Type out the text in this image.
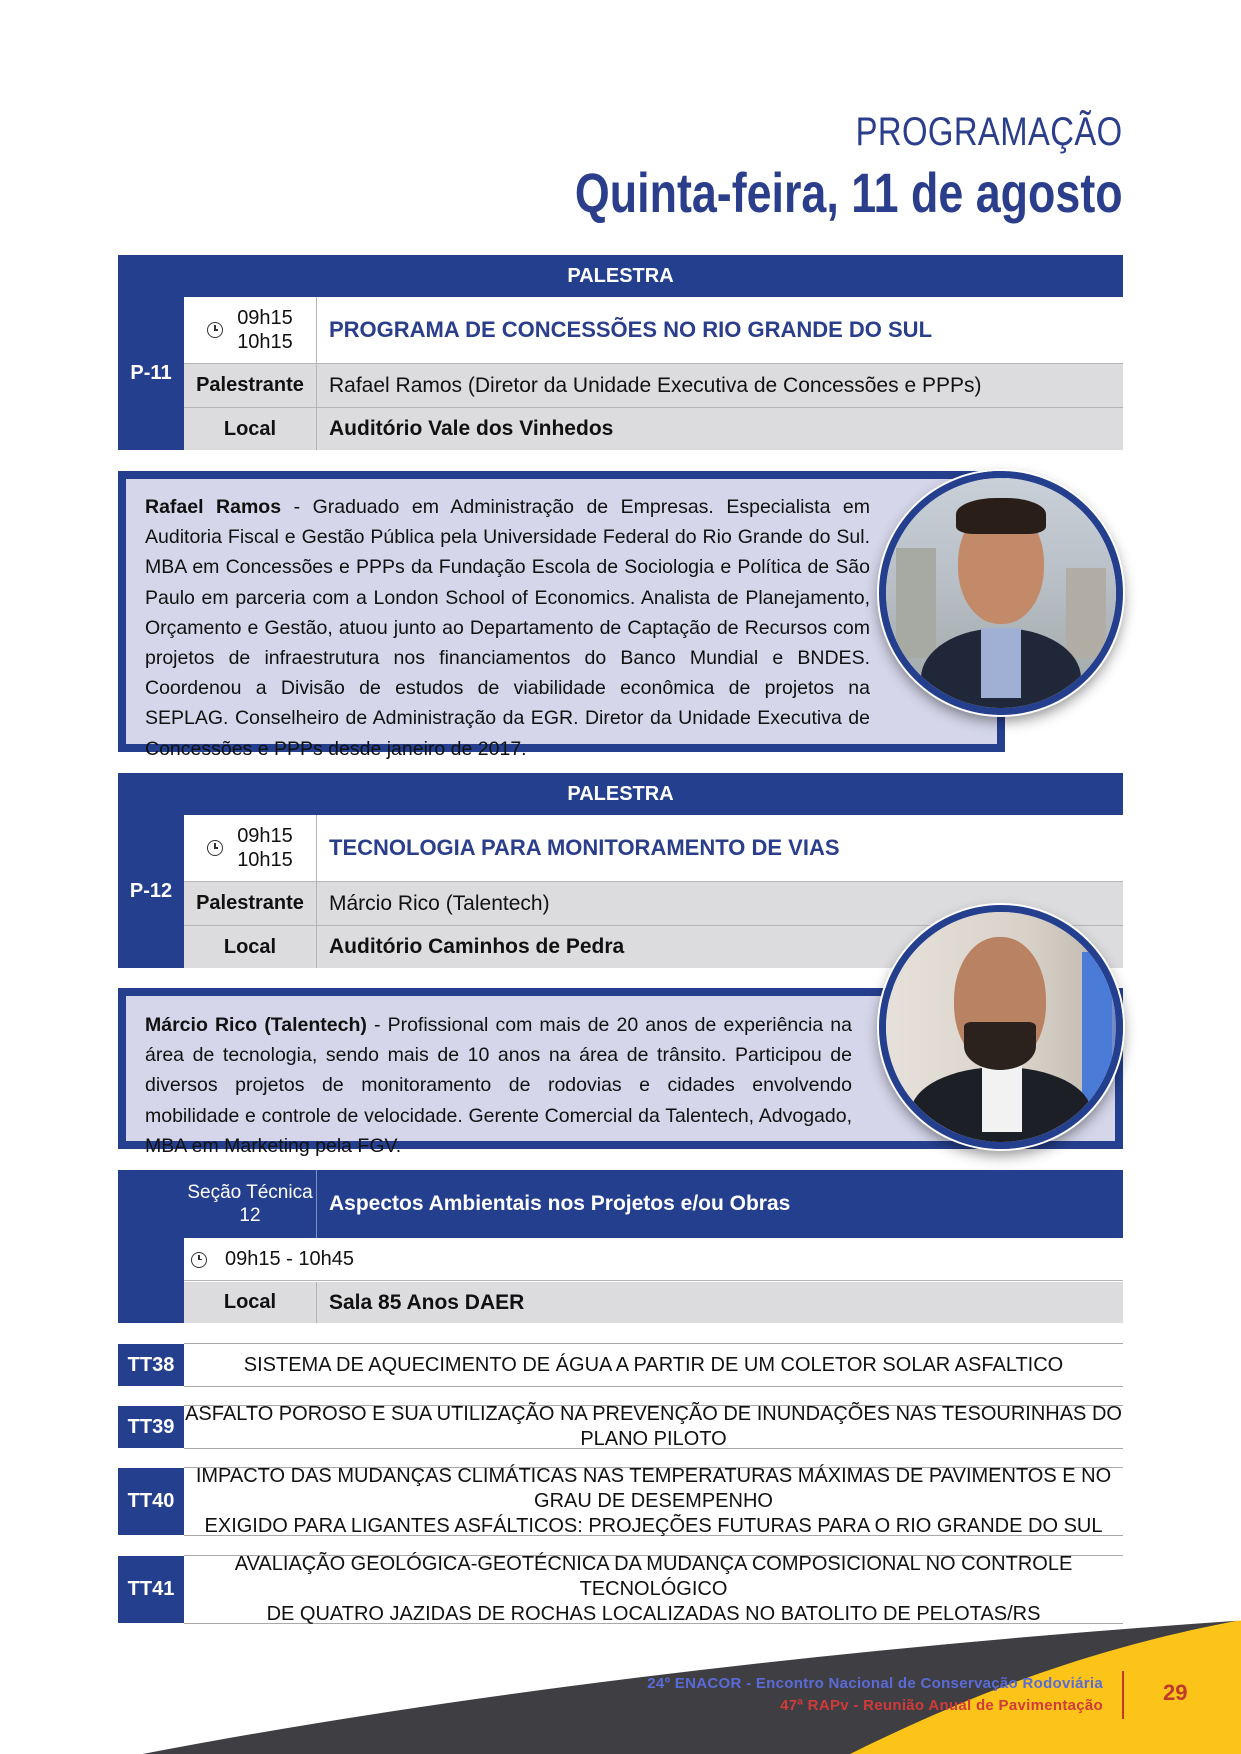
PROGRAMAÇÃO
Quinta-feira, 11 de agosto
PALESTRA
P-11
09h15
10h15	PROGRAMA DE CONCESSÕES NO RIO GRANDE DO SUL
Palestrante	Rafael Ramos (Diretor da Unidade Executiva de Concessões e PPPs)
Local	Auditório Vale dos Vinhedos
Rafael Ramos - Graduado em Administração de Empresas. Especialista em Auditoria Fiscal e Gestão Pública pela Universidade Federal do Rio Grande do Sul. MBA em Concessões e PPPs da Fundação Escola de Sociologia e Política de São Paulo em parceria com a London School of Economics. Analista de Planejamento, Orçamento e Gestão, atuou junto ao Departamento de Captação de Recursos com projetos de infraestrutura nos financiamentos do Banco Mundial e BNDES. Coordenou a Divisão de estudos de viabilidade econômica de projetos na SEPLAG. Conselheiro de Administração da EGR. Diretor da Unidade Executiva de Concessões e PPPs desde janeiro de 2017.
PALESTRA
P-12
09h15
10h15	TECNOLOGIA PARA MONITORAMENTO DE VIAS
Palestrante	Márcio Rico (Talentech)
Local	Auditório Caminhos de Pedra
Márcio Rico (Talentech) - Profissional com mais de 20 anos de experiência na área de tecnologia, sendo mais de 10 anos na área de trânsito. Participou de diversos projetos de monitoramento de rodovias e cidades envolvendo mobilidade e controle de velocidade. Gerente Comercial da Talentech, Advogado, MBA em Marketing pela FGV.
Seção Técnica
12
Aspectos Ambientais nos Projetos e/ou Obras
09h15 - 10h45
Local	Sala 85 Anos DAER
TT38	SISTEMA DE AQUECIMENTO DE ÁGUA A PARTIR DE UM COLETOR SOLAR ASFALTICO
TT39
ASFALTO POROSO E SUA UTILIZAÇÃO NA PREVENÇÃO DE INUNDAÇÕES NAS TESOURINHAS DO PLANO PILOTO
TT40
IMPACTO DAS MUDANÇAS CLIMÁTICAS NAS TEMPERATURAS MÁXIMAS DE PAVIMENTOS E NO GRAU DE DESEMPENHO
EXIGIDO PARA LIGANTES ASFÁLTICOS: PROJEÇÕES FUTURAS PARA O RIO GRANDE DO SUL
TT41
AVALIAÇÃO GEOLÓGICA-GEOTÉCNICA DA MUDANÇA COMPOSICIONAL NO CONTROLE TECNOLÓGICO
DE QUATRO JAZIDAS DE ROCHAS LOCALIZADAS NO BATOLITO DE PELOTAS/RS
24º ENACOR - Encontro Nacional de Conservação Rodoviária
47ª RAPv - Reunião Anual de Pavimentação
29
